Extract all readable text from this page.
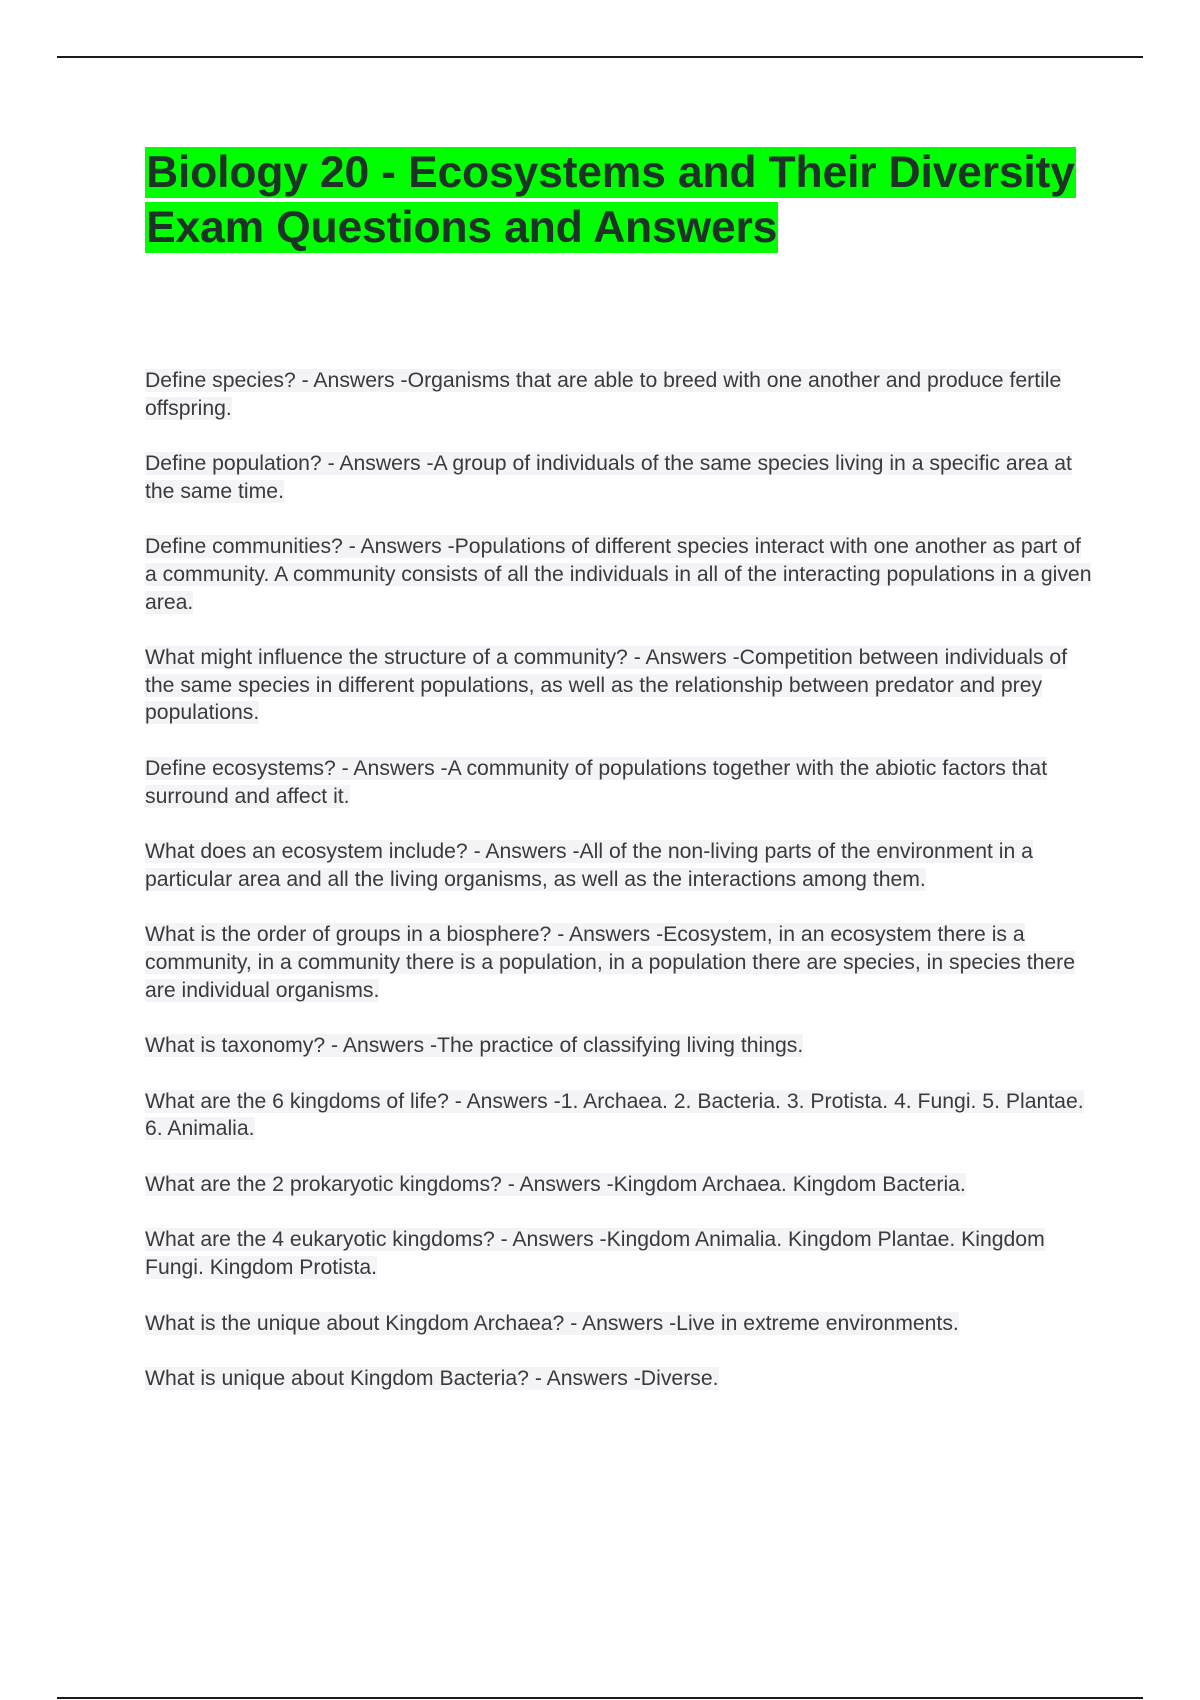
Biology 20 - Ecosystems and Their Diversity Exam Questions and Answers

Define species? - Answers -Organisms that are able to breed with one another and produce fertile offspring.

Define population? - Answers -A group of individuals of the same species living in a specific area at the same time.

Define communities? - Answers -Populations of different species interact with one another as part of a community. A community consists of all the individuals in all of the interacting populations in a given area.

What might influence the structure of a community? - Answers -Competition between individuals of the same species in different populations, as well as the relationship between predator and prey populations.

Define ecosystems? - Answers -A community of populations together with the abiotic factors that surround and affect it.

What does an ecosystem include? - Answers -All of the non-living parts of the environment in a particular area and all the living organisms, as well as the interactions among them.

What is the order of groups in a biosphere? - Answers -Ecosystem, in an ecosystem there is a community, in a community there is a population, in a population there are species, in species there are individual organisms.

What is taxonomy? - Answers -The practice of classifying living things.

What are the 6 kingdoms of life? - Answers -1. Archaea. 2. Bacteria. 3. Protista. 4. Fungi. 5. Plantae. 6. Animalia.

What are the 2 prokaryotic kingdoms? - Answers -Kingdom Archaea. Kingdom Bacteria.

What are the 4 eukaryotic kingdoms? - Answers -Kingdom Animalia. Kingdom Plantae. Kingdom Fungi. Kingdom Protista.

What is the unique about Kingdom Archaea? - Answers -Live in extreme environments.

What is unique about Kingdom Bacteria? - Answers -Diverse.
